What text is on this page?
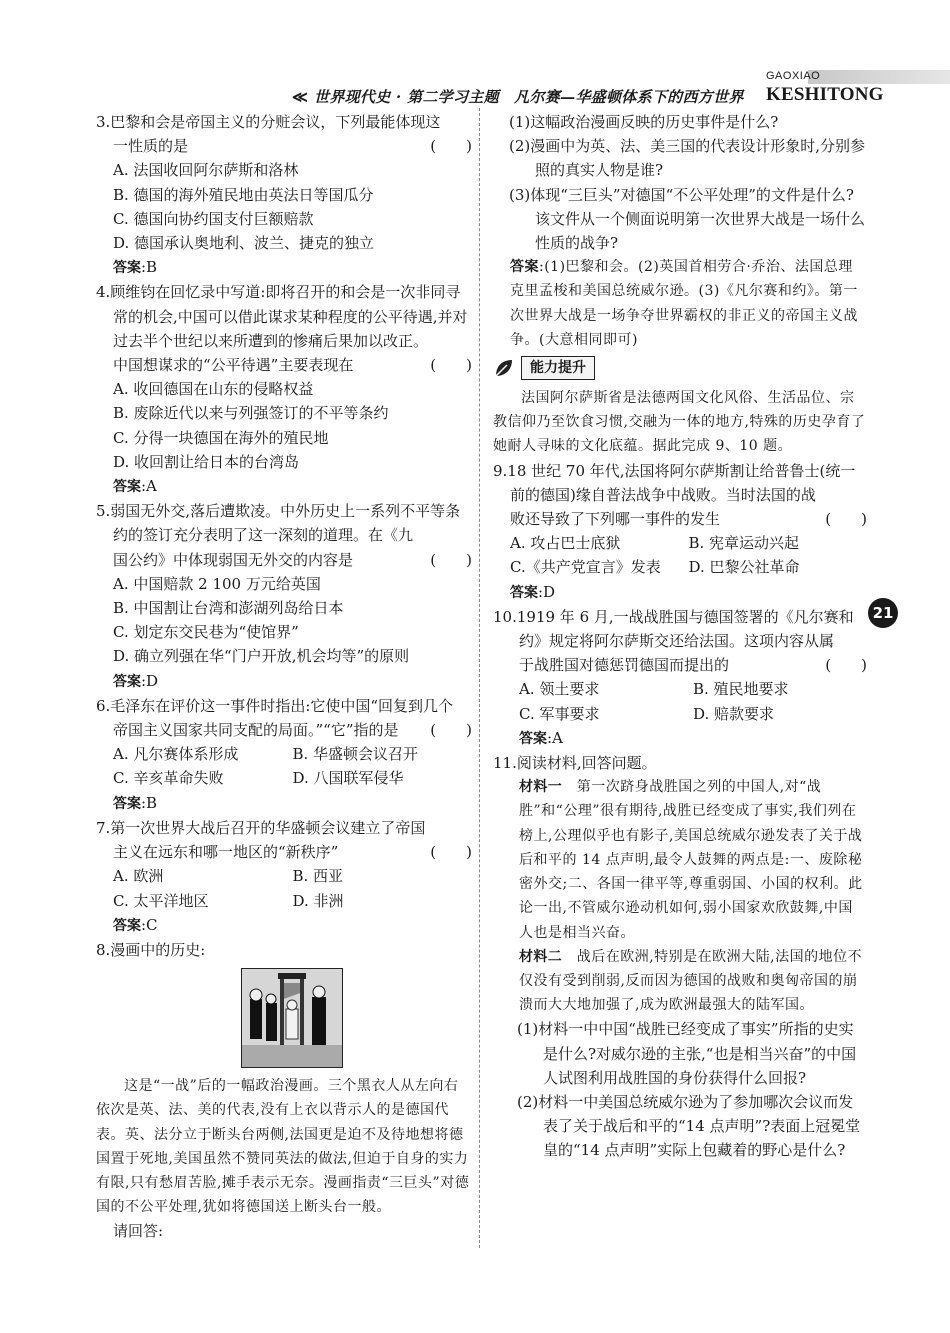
≪ 世界现代史 · 第二学习主题　凡尔赛—华盛顿体系下的西方世界
GAOXIAO
KESHITONG
21

3.巴黎和会是帝国主义的分赃会议，下列最能体现这

一性质的是	(　　)

A. 法国收回阿尔萨斯和洛林

B. 德国的海外殖民地由英法日等国瓜分

C. 德国向协约国支付巨额赔款

D. 德国承认奥地利、波兰、捷克的独立

答案:B

4.顾维钧在回忆录中写道:即将召开的和会是一次非同寻常的机会,中国可以借此谋求某种程度的公平待遇,并对过去半个世纪以来所遭到的惨痛后果加以改正。

中国想谋求的“公平待遇”主要表现在	(　　)

A. 收回德国在山东的侵略权益

B. 废除近代以来与列强签订的不平等条约

C. 分得一块德国在海外的殖民地

D. 收回割让给日本的台湾岛

答案:A

5.弱国无外交,落后遭欺凌。中外历史上一系列不平等条约的签订充分表明了这一深刻的道理。在《九

国公约》中体现弱国无外交的内容是	(　　)

A. 中国赔款 2 100 万元给英国

B. 中国割让台湾和澎湖列岛给日本

C. 划定东交民巷为“使馆界”

D. 确立列强在华“门户开放,机会均等”的原则

答案:D

6.毛泽东在评价这一事件时指出:它使中国“回复到几个

帝国主义国家共同支配的局面。”“它”指的是 (　　)

A. 凡尔赛体系形成	B. 华盛顿会议召开

C. 辛亥革命失败	D. 八国联军侵华

答案:B

7.第一次世界大战后召开的华盛顿会议建立了帝国

主义在远东和哪一地区的“新秩序”	(　　)

A. 欧洲	B. 西亚

C. 太平洋地区	D. 非洲

答案:C

8.漫画中的历史:

这是“一战”后的一幅政治漫画。三个黑衣人从左向右依次是英、法、美的代表,没有上衣以背示人的是德国代表。英、法分立于断头台两侧,法国更是迫不及待地想将德国置于死地,美国虽然不赞同英法的做法,但迫于自身的实力有限,只有愁眉苦脸,摊手表示无奈。漫画指责“三巨头”对德国的不公平处理,犹如将德国送上断头台一般。

请回答:

(1)这幅政治漫画反映的历史事件是什么?

(2)漫画中为英、法、美三国的代表设计形象时,分别参照的真实人物是谁?

(3)体现“三巨头”对德国“不公平处理”的文件是什么?该文件从一个侧面说明第一次世界大战是一场什么性质的战争?

答案:(1)巴黎和会。(2)英国首相劳合·乔治、法国总理克里孟梭和美国总统威尔逊。(3)《凡尔赛和约》。第一次世界大战是一场争夺世界霸权的非正义的帝国主义战争。(大意相同即可)

能力提升

法国阿尔萨斯省是法德两国文化风俗、生活品位、宗教信仰乃至饮食习惯,交融为一体的地方,特殊的历史孕育了她耐人寻味的文化底蕴。据此完成 9、10 题。

9.18 世纪 70 年代,法国将阿尔萨斯割让给普鲁士(统一前的德国)缘自普法战争中战败。当时法国的战

败还导致了下列哪一事件的发生	(　　)

A. 攻占巴士底狱	B. 宪章运动兴起

C.《共产党宣言》发表	D. 巴黎公社革命

答案:D

10.1919 年 6 月,一战战胜国与德国签署的《凡尔赛和约》规定将阿尔萨斯交还给法国。这项内容从属

于战胜国对德惩罚德国而提出的	(　　)

A. 领土要求	B. 殖民地要求

C. 军事要求	D. 赔款要求

答案:A

11.阅读材料,回答问题。

材料一　第一次跻身战胜国之列的中国人,对“战胜”和“公理”很有期待,战胜已经变成了事实,我们列在榜上,公理似乎也有影子,美国总统威尔逊发表了关于战后和平的 14 点声明,最令人鼓舞的两点是:一、废除秘密外交;二、各国一律平等,尊重弱国、小国的权利。此论一出,不管威尔逊动机如何,弱小国家欢欣鼓舞,中国人也是相当兴奋。

材料二　战后在欧洲,特别是在欧洲大陆,法国的地位不仅没有受到削弱,反而因为德国的战败和奥匈帝国的崩溃而大大地加强了,成为欧洲最强大的陆军国。

(1)材料一中中国“战胜已经变成了事实”所指的史实是什么?对威尔逊的主张,“也是相当兴奋”的中国人试图利用战胜国的身份获得什么回报?

(2)材料一中美国总统威尔逊为了参加哪次会议而发表了关于战后和平的“14 点声明”?表面上冠冕堂皇的“14 点声明”实际上包藏着的野心是什么?
